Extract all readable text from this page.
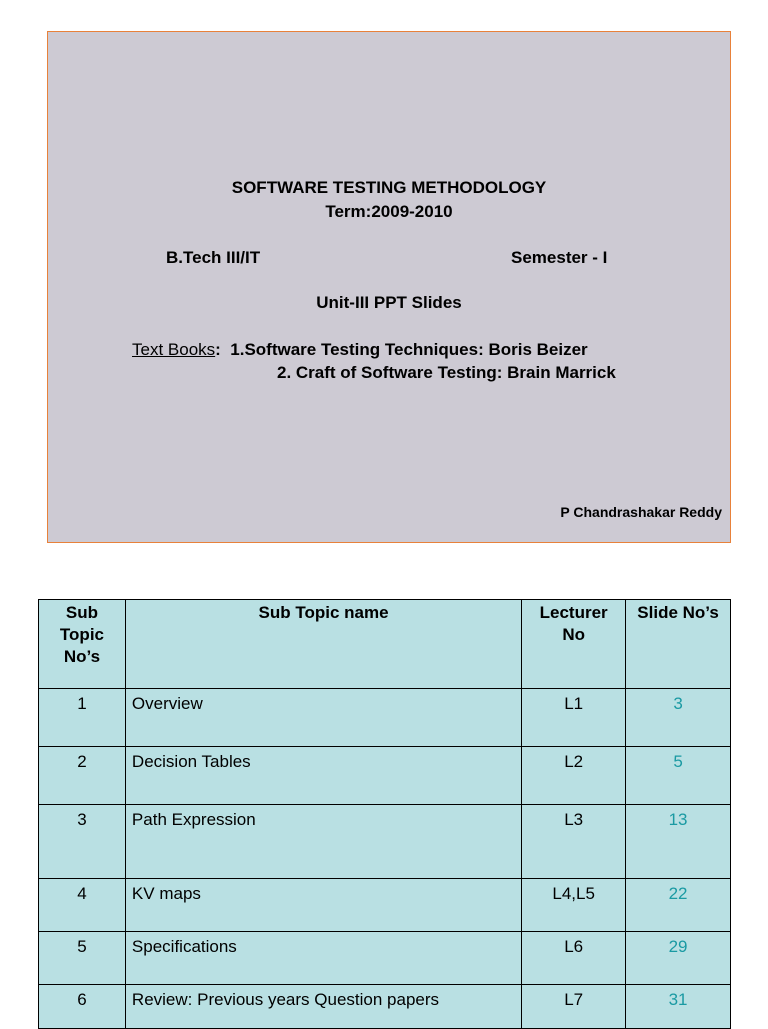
SOFTWARE TESTING METHODOLOGY
Term:2009-2010
B.Tech III/IT	Semester - I
Unit-III PPT Slides
Text Books: 1.Software Testing Techniques: Boris Beizer
2. Craft of Software Testing: Brain Marrick
P Chandrashakar Reddy
Sub Topic No’s	Sub Topic name	Lecturer No	Slide No’s
1	Overview	L1	3
2	Decision Tables	L2	5
3	Path Expression	L3	13
4	KV maps	L4,L5	22
5	Specifications	L6	29
6	Review: Previous years Question papers	L7	31
